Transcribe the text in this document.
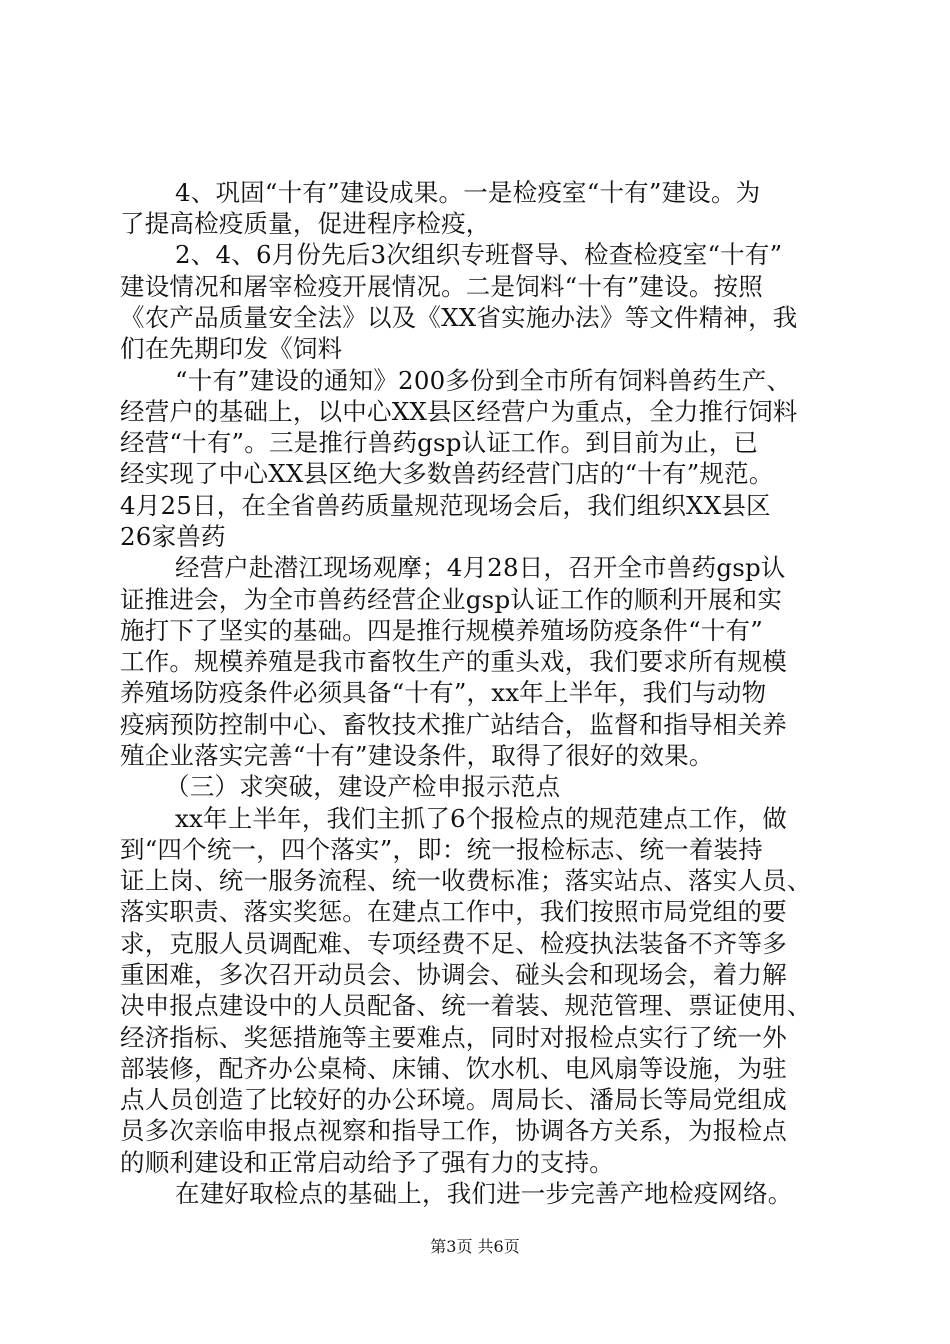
4、巩固“十有”建设成果。一是检疫室“十有”建设。为
了提高检疫质量，促进程序检疫，
2、4、6月份先后3次组织专班督导、检查检疫室“十有”
建设情况和屠宰检疫开展情况。二是饲料“十有”建设。按照
《农产品质量安全法》以及《XX省实施办法》等文件精神，我
们在先期印发《饲料
“十有”建设的通知》200多份到全市所有饲料兽药生产、
经营户的基础上，以中心XX县区经营户为重点，全力推行饲料
经营“十有”。三是推行兽药gsp认证工作。到目前为止，已
经实现了中心XX县区绝大多数兽药经营门店的“十有”规范。
4月25日，在全省兽药质量规范现场会后，我们组织XX县区
26家兽药
经营户赴潜江现场观摩；4月28日，召开全市兽药gsp认
证推进会，为全市兽药经营企业gsp认证工作的顺利开展和实
施打下了坚实的基础。四是推行规模养殖场防疫条件“十有”
工作。规模养殖是我市畜牧生产的重头戏，我们要求所有规模
养殖场防疫条件必须具备“十有”，xx年上半年，我们与动物
疫病预防控制中心、畜牧技术推广站结合，监督和指导相关养
殖企业落实完善“十有”建设条件，取得了很好的效果。
（三）求突破，建设产检申报示范点
xx年上半年，我们主抓了6个报检点的规范建点工作，做
到“四个统一，四个落实”，即：统一报检标志、统一着装持
证上岗、统一服务流程、统一收费标准；落实站点、落实人员、
落实职责、落实奖惩。在建点工作中，我们按照市局党组的要
求，克服人员调配难、专项经费不足、检疫执法装备不齐等多
重困难，多次召开动员会、协调会、碰头会和现场会，着力解
决申报点建设中的人员配备、统一着装、规范管理、票证使用、
经济指标、奖惩措施等主要难点，同时对报检点实行了统一外
部装修，配齐办公桌椅、床铺、饮水机、电风扇等设施，为驻
点人员创造了比较好的办公环境。周局长、潘局长等局党组成
员多次亲临申报点视察和指导工作，协调各方关系，为报检点
的顺利建设和正常启动给予了强有力的支持。
在建好取检点的基础上，我们进一步完善产地检疫网络。
第3页 共6页
